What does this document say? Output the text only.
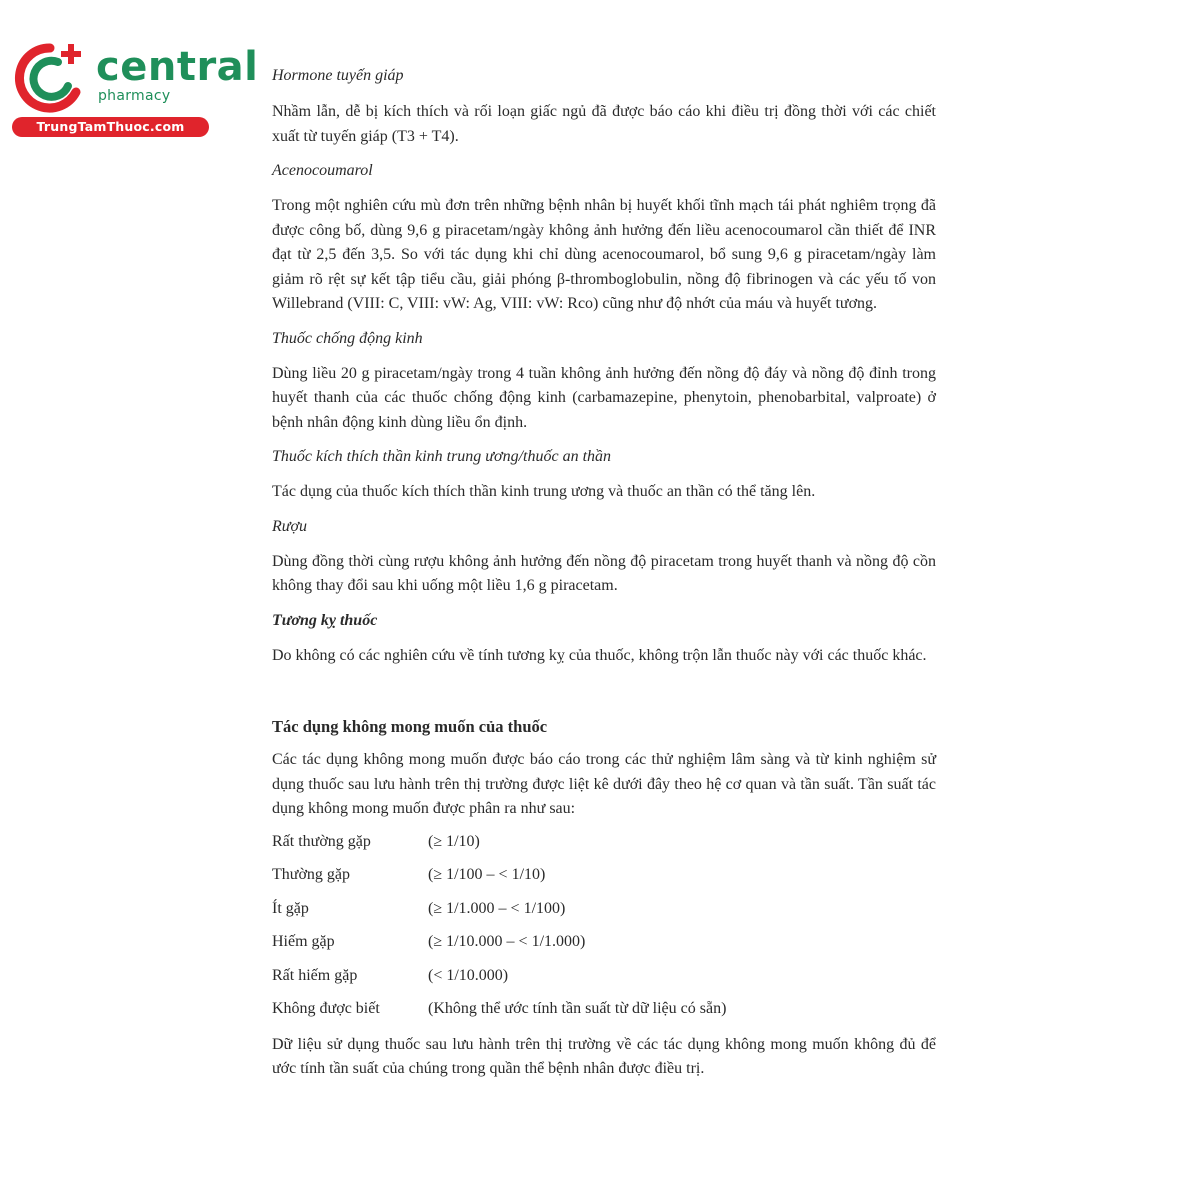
central
pharmacy
TrungTamThuoc.com

Hormone tuyến giáp

Nhầm lẫn, dễ bị kích thích và rối loạn giấc ngủ đã được báo cáo khi điều trị đồng thời với các chiết xuất từ tuyến giáp (T3 + T4).

Acenocoumarol

Trong một nghiên cứu mù đơn trên những bệnh nhân bị huyết khối tĩnh mạch tái phát nghiêm trọng đã được công bố, dùng 9,6 g piracetam/ngày không ảnh hưởng đến liều acenocoumarol cần thiết để INR đạt từ 2,5 đến 3,5. So với tác dụng khi chỉ dùng acenocoumarol, bổ sung 9,6 g piracetam/ngày làm giảm rõ rệt sự kết tập tiểu cầu, giải phóng β-thromboglobulin, nồng độ fibrinogen và các yếu tố von Willebrand (VIII: C, VIII: vW: Ag, VIII: vW: Rco) cũng như độ nhớt của máu và huyết tương.

Thuốc chống động kinh

Dùng liều 20 g piracetam/ngày trong 4 tuần không ảnh hưởng đến nồng độ đáy và nồng độ đỉnh trong huyết thanh của các thuốc chống động kinh (carbamazepine, phenytoin, phenobarbital, valproate) ở bệnh nhân động kinh dùng liều ổn định.

Thuốc kích thích thần kinh trung ương/thuốc an thần

Tác dụng của thuốc kích thích thần kinh trung ương và thuốc an thần có thể tăng lên.

Rượu

Dùng đồng thời cùng rượu không ảnh hưởng đến nồng độ piracetam trong huyết thanh và nồng độ cồn không thay đổi sau khi uống một liều 1,6 g piracetam.

Tương kỵ thuốc

Do không có các nghiên cứu về tính tương kỵ của thuốc, không trộn lẫn thuốc này với các thuốc khác.

Tác dụng không mong muốn của thuốc

Các tác dụng không mong muốn được báo cáo trong các thử nghiệm lâm sàng và từ kinh nghiệm sử dụng thuốc sau lưu hành trên thị trường được liệt kê dưới đây theo hệ cơ quan và tần suất. Tần suất tác dụng không mong muốn được phân ra như sau:

Rất thường gặp	(≥ 1/10)
Thường gặp	(≥ 1/100 – < 1/10)
Ít gặp	(≥ 1/1.000 – < 1/100)
Hiếm gặp	(≥ 1/10.000 – < 1/1.000)
Rất hiếm gặp	(< 1/10.000)
Không được biết	(Không thể ước tính tần suất từ dữ liệu có sẵn)

Dữ liệu sử dụng thuốc sau lưu hành trên thị trường về các tác dụng không mong muốn không đủ để ước tính tần suất của chúng trong quần thể bệnh nhân được điều trị.
